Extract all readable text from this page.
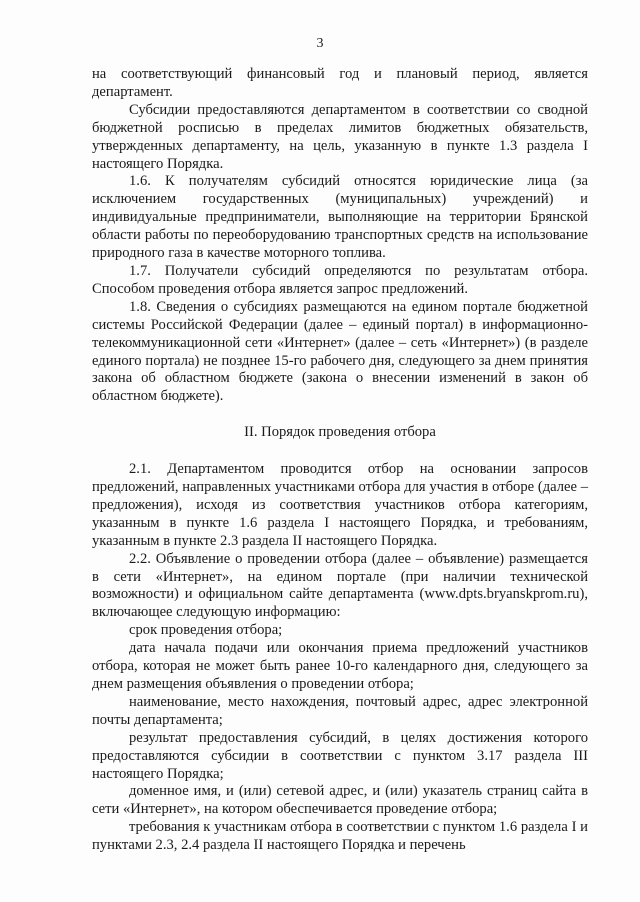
3

на соответствующий финансовый год и плановый период, является департамент.

Субсидии предоставляются департаментом в соответствии со сводной бюджетной росписью в пределах лимитов бюджетных обязательств, утвержденных департаменту, на цель, указанную в пункте 1.3 раздела I настоящего Порядка.

1.6. К получателям субсидий относятся юридические лица (за исключением государственных (муниципальных) учреждений) и индивидуальные предприниматели, выполняющие на территории Брянской области работы по переоборудованию транспортных средств на использование природного газа в качестве моторного топлива.

1.7. Получатели субсидий определяются по результатам отбора. Способом проведения отбора является запрос предложений.

1.8. Сведения о субсидиях размещаются на едином портале бюджетной системы Российской Федерации (далее – единый портал) в информационно-телекоммуникационной сети «Интернет» (далее – сеть «Интернет») (в разделе единого портала) не позднее 15-го рабочего дня, следующего за днем принятия закона об областном бюджете (закона о внесении изменений в закон об областном бюджете).

II. Порядок проведения отбора

2.1. Департаментом проводится отбор на основании запросов предложений, направленных участниками отбора для участия в отборе (далее – предложения), исходя из соответствия участников отбора категориям, указанным в пункте 1.6 раздела I настоящего Порядка, и требованиям, указанным в пункте 2.3 раздела II настоящего Порядка.

2.2. Объявление о проведении отбора (далее – объявление) размещается в сети «Интернет», на едином портале (при наличии технической возможности) и официальном сайте департамента (www.dpts.bryanskprom.ru), включающее следующую информацию:

срок проведения отбора;

дата начала подачи или окончания приема предложений участников отбора, которая не может быть ранее 10-го календарного дня, следующего за днем размещения объявления о проведении отбора;

наименование, место нахождения, почтовый адрес, адрес электронной почты департамента;

результат предоставления субсидий, в целях достижения которого предоставляются субсидии в соответствии с пунктом 3.17 раздела III настоящего Порядка;

доменное имя, и (или) сетевой адрес, и (или) указатель страниц сайта в сети «Интернет», на котором обеспечивается проведение отбора;

требования к участникам отбора в соответствии с пунктом 1.6 раздела I и пунктами 2.3, 2.4 раздела II настоящего Порядка и перечень
